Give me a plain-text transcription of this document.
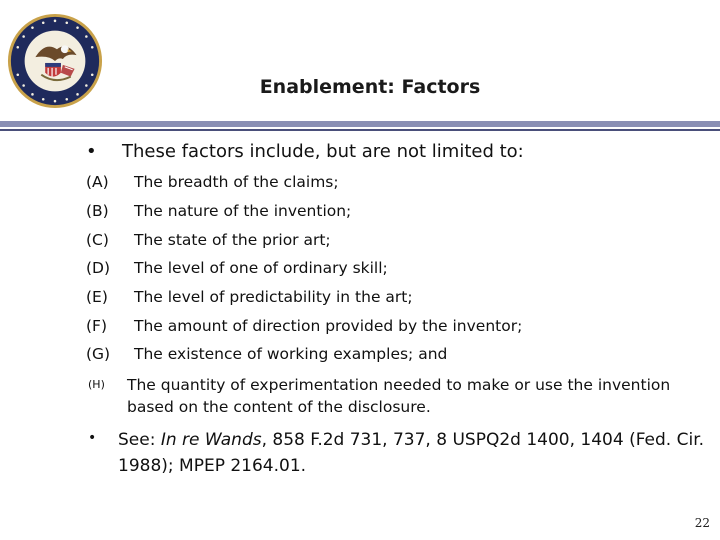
Enablement: Factors
• These factors include, but are not limited to:
(A) The breadth of the claims;
(B) The nature of the invention;
(C) The state of the prior art;
(D) The level of one of ordinary skill;
(E) The level of predictability in the art;
(F) The amount of direction provided by the inventor;
(G) The existence of working examples; and
(H) The quantity of experimentation needed to make or use the invention based on the content of the disclosure.
• See: In re Wands, 858 F.2d 731, 737, 8 USPQ2d 1400, 1404 (Fed. Cir. 1988); MPEP 2164.01.
22
